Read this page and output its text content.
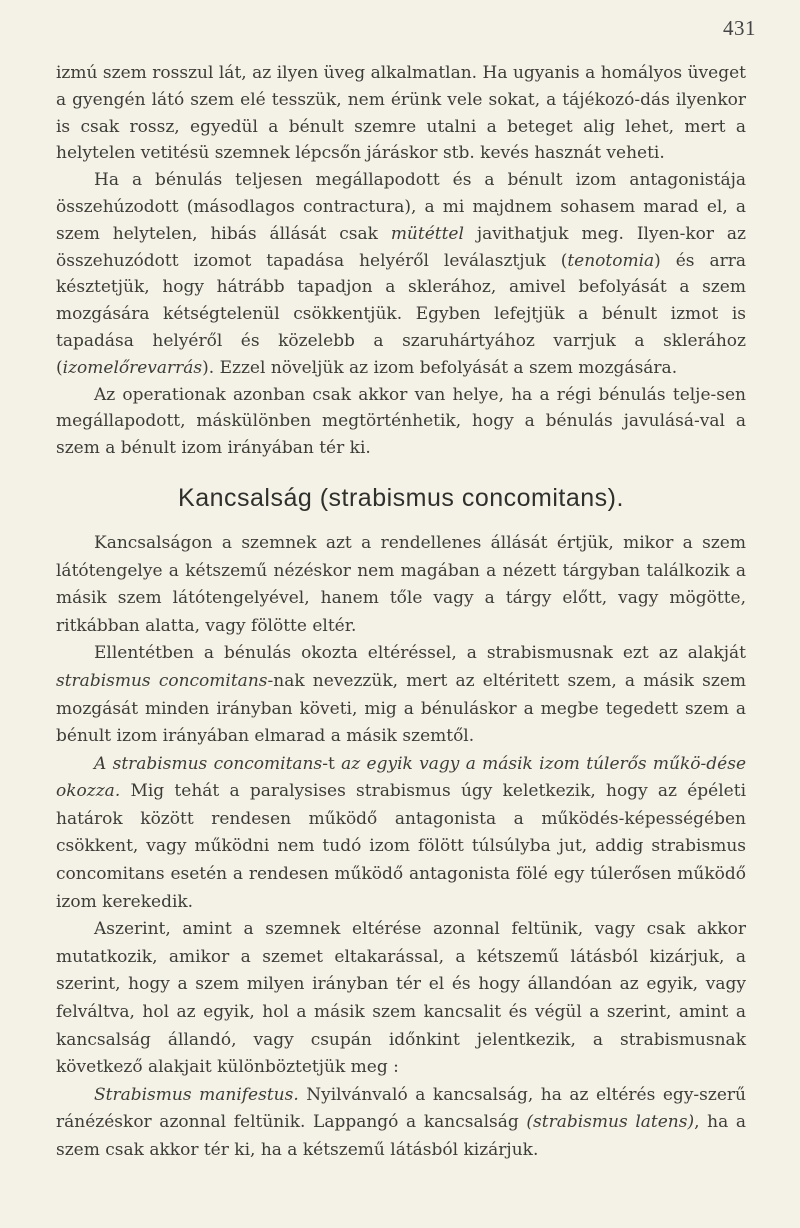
431

izmú szem rosszul lát, az ilyen üveg alkalmatlan. Ha ugyanis a homályos üveget a gyengén látó szem elé tesszük, nem érünk vele sokat, a tájékozó-dás ilyenkor is csak rossz, egyedül a bénult szemre utalni a beteget alig lehet, mert a helytelen vetitésü szemnek lépcsőn járáskor stb. kevés hasznát veheti.

Ha a bénulás teljesen megállapodott és a bénult izom antagonistája összehúzodott (másodlagos contractura), a mi majdnem sohasem marad el, a szem helytelen, hibás állását csak mütéttel javithatjuk meg. Ilyen-kor az összehuzódott izomot tapadása helyéről leválasztjuk (tenotomia) és arra késztetjük, hogy hátrább tapadjon a sklerához, amivel befolyását a szem mozgására kétségtelenül csökkentjük. Egyben lefejtjük a bénult izmot is tapadása helyéről és közelebb a szaruhártyához varrjuk a sklerához (izomelőrevarrás). Ezzel növeljük az izom befolyását a szem mozgására.

Az operationak azonban csak akkor van helye, ha a régi bénulás telje-sen megállapodott, máskülönben megtörténhetik, hogy a bénulás javulásá-val a szem a bénult izom irányában tér ki.

Kancsalság (strabismus concomitans).

Kancsalságon a szemnek azt a rendellenes állását értjük, mikor a szem látótengelye a kétszemű nézéskor nem magában a nézett tárgyban találkozik a másik szem látótengelyével, hanem tőle vagy a tárgy előtt, vagy mögötte, ritkábban alatta, vagy fölötte eltér.

Ellentétben a bénulás okozta eltéréssel, a strabismusnak ezt az alakját strabismus concomitans-nak nevezzük, mert az eltéritett szem, a másik szem mozgását minden irányban követi, mig a bénuláskor a megbe tegedett szem a bénult izom irányában elmarad a másik szemtől.

A strabismus concomitans-t az egyik vagy a másik izom túlerős műkö-dése okozza. Mig tehát a paralysises strabismus úgy keletkezik, hogy az épéleti határok között rendesen működő antagonista a működés-képességében csökkent, vagy működni nem tudó izom fölött túlsúlyba jut, addig strabismus concomitans esetén a rendesen működő antagonista fölé egy túlerősen működő izom kerekedik.

Aszerint, amint a szemnek eltérése azonnal feltünik, vagy csak akkor mutatkozik, amikor a szemet eltakarással, a kétszemű látásból kizárjuk, a szerint, hogy a szem milyen irányban tér el és hogy állandóan az egyik, vagy felváltva, hol az egyik, hol a másik szem kancsalit és végül a szerint, amint a kancsalság állandó, vagy csupán időnkint jelentkezik, a strabismusnak következő alakjait különböztetjük meg :

Strabismus manifestus. Nyilvánvaló a kancsalság, ha az eltérés egy-szerű ránézéskor azonnal feltünik. Lappangó a kancsalság (strabismus latens), ha a szem csak akkor tér ki, ha a kétszemű látásból kizárjuk.
